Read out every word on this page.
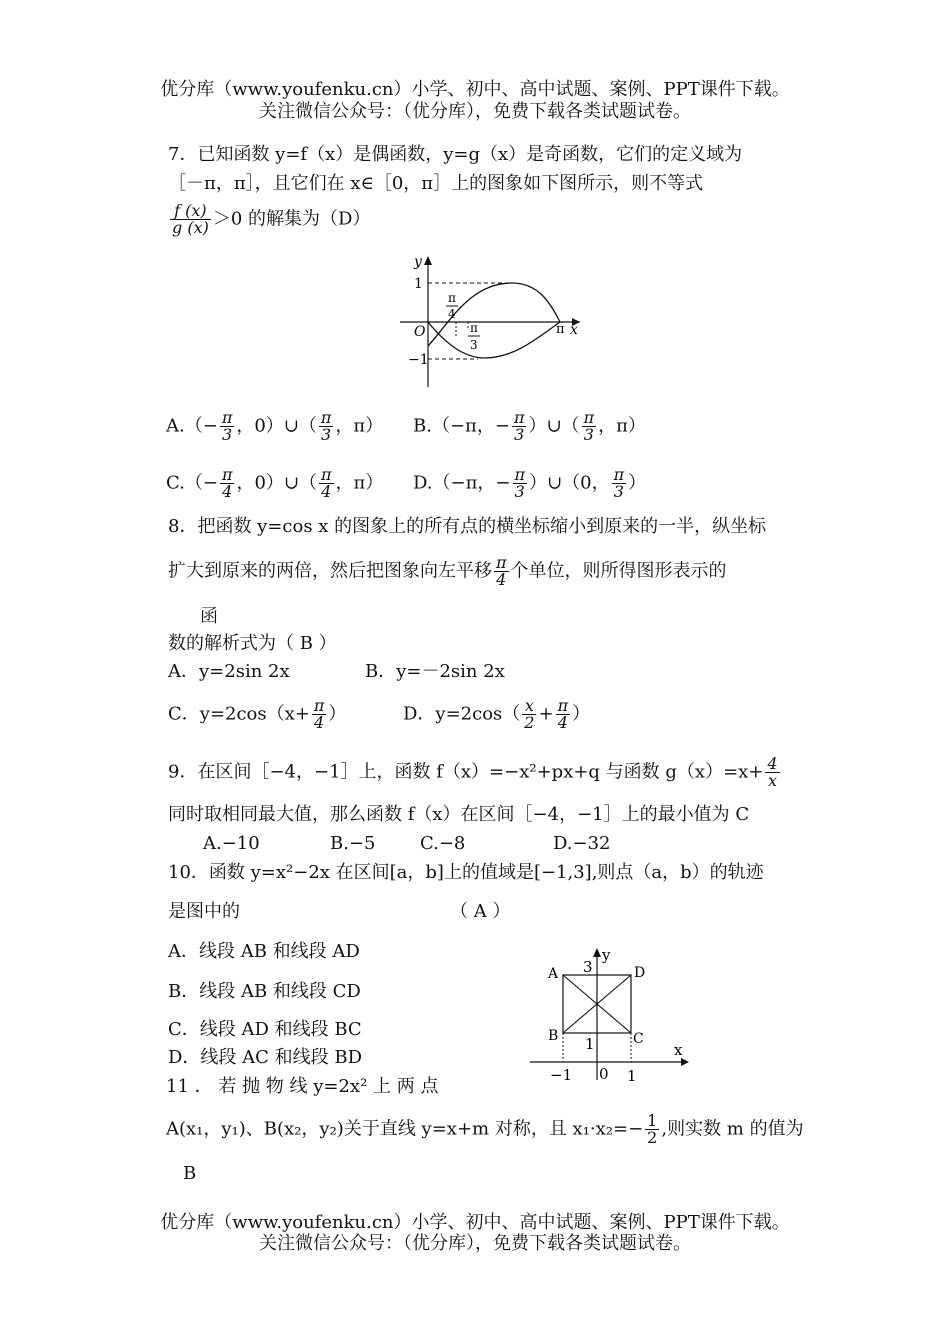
优分库（www.youfenku.cn）小学、初中、高中试题、案例、PPT课件下载。
关注微信公众号：（优分库），免费下载各类试题试卷。
7．已知函数 y=f（x）是偶函数，y=g（x）是奇函数，它们的定义域为
［－π，π］，且它们在 x∈［0，π］上的图象如下图所示，则不等式
$\frac{f (x)}{g (x)} >0$ 的解集为（D）
y
1
−1
O	π x
π
4
π
3
$A.(- \frac{\pi}{3}$ ，0）∪（ $\frac{\pi}{3}$ ，π） B.（−π，− $\frac{\pi}{3}$ ）∪（ $\frac{\pi}{3}$ ，π）
$C.(- \frac{\pi}{4}$ ，0）∪（ $\frac{\pi}{4}$ ，π） D.（−π，− $\frac{\pi}{3}$ ）∪（0， $\frac{\pi}{3}$ ）
8．把函数 y=cos x 的图象上的所有点的横坐标缩小到原来的一半，纵坐标
扩大到原来的两倍，然后把图象向左平移 $\frac{\pi}{4}$ 个单位，则所得图形表示的
函
数的解析式为（ B ）
A．y=2sin 2x	B．y=－2sin 2x
C．$y=2\cos(x+ \frac{\pi}{4}$ ）	D．$y=2\cos( \frac{x}{2} + \frac{\pi}{4}$ ）
9．在区间［−4，−1］上，函数 f（x）=−x²+px+q 与函数 $g(x)=x+ \frac{4}{x}$
同时取相同最大值，那么函数 f（x）在区间［−4，−1］上的最小值为 C
A.−10	B.−5 C.−8	D.−32
10．函数 y=x²−2x 在区间[a，b]上的值域是[−1,3],则点（a，b）的轨迹
是图中的	（ A ）
A．线段 AB 和线段 AD
B．线段 AB 和线段 CD
C．线段 AD 和线段 BC
D．线段 AC 和线段 BD
y
3
A	D
B	C
1	x
−1 0 1
11 ． 若 抛 物 线 y=2x² 上 两 点
A(x₁，y₁)、B(x₂，y₂)关于直线 y=x+m 对称，且 $x_1\cdot x_2=- \frac{1}{2}$ ,则实数 m 的值为
B
优分库（www.youfenku.cn）小学、初中、高中试题、案例、PPT课件下载。
关注微信公众号：（优分库），免费下载各类试题试卷。
